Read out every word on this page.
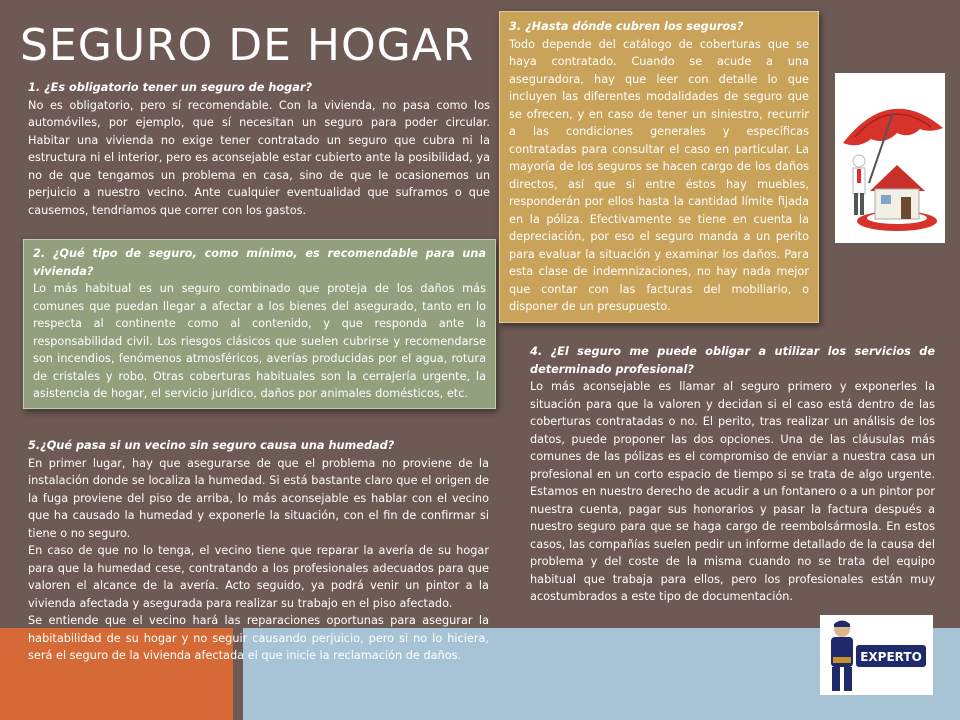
SEGURO DE HOGAR
1. ¿Es obligatorio tener un seguro de hogar?

No es obligatorio, pero sí recomendable. Con la vivienda, no pasa como los automóviles, por ejemplo, que sí necesitan un seguro para poder circular. Habitar una vivienda no exige tener contratado un seguro que cubra ni la estructura ni el interior, pero es aconsejable estar cubierto ante la posibilidad, ya no de que tengamos un problema en casa, sino de que le ocasionemos un perjuicio a nuestro vecino. Ante cualquier eventualidad que suframos o que causemos, tendríamos que correr con los gastos.

2. ¿Qué tipo de seguro, como mínimo, es recomendable para una vivienda?

Lo más habitual es un seguro combinado que proteja de los daños más comunes que puedan llegar a afectar a los bienes del asegurado, tanto en lo respecta al continente como al contenido, y que responda ante la responsabilidad civil. Los riesgos clásicos que suelen cubrirse y recomendarse son incendios, fenómenos atmosféricos, averías producidas por el agua, rotura de cristales y robo. Otras coberturas habituales son la cerrajería urgente, la asistencia de hogar, el servicio jurídico, daños por animales domésticos, etc.

3. ¿Hasta dónde cubren los seguros?

Todo depende del catálogo de coberturas que se haya contratado. Cuando se acude a una aseguradora, hay que leer con detalle lo que incluyen las diferentes modalidades de seguro que se ofrecen, y en caso de tener un siniestro, recurrir a las condiciones generales y específicas contratadas para consultar el caso en particular. La mayoría de los seguros se hacen cargo de los daños directos, así que si entre éstos hay muebles, responderán por ellos hasta la cantidad límite fijada en la póliza. Efectivamente se tiene en cuenta la depreciación, por eso el seguro manda a un perito para evaluar la situación y examinar los daños. Para esta clase de indemnizaciones, no hay nada mejor que contar con las facturas del mobiliario, o disponer de un presupuesto.

4. ¿El seguro me puede obligar a utilizar los servicios de determinado profesional?

Lo más aconsejable es llamar al seguro primero y exponerles la situación para que la valoren y decidan si el caso está dentro de las coberturas contratadas o no. El perito, tras realizar un análisis de los datos, puede proponer las dos opciones. Una de las cláusulas más comunes de las pólizas es el compromiso de enviar a nuestra casa un profesional en un corto espacio de tiempo si se trata de algo urgente. Estamos en nuestro derecho de acudir a un fontanero o a un pintor por nuestra cuenta, pagar sus honorarios y pasar la factura después a nuestro seguro para que se haga cargo de reembolsármosla. En estos casos, las compañías suelen pedir un informe detallado de la causa del problema y del coste de la misma cuando no se trata del equipo habitual que trabaja para ellos, pero los profesionales están muy acostumbrados a este tipo de documentación.

5.¿Qué pasa si un vecino sin seguro causa una humedad?

En primer lugar, hay que asegurarse de que el problema no proviene de la instalación donde se localiza la humedad. Si está bastante claro que el origen de la fuga proviene del piso de arriba, lo más aconsejable es hablar con el vecino que ha causado la humedad y exponerle la situación, con el fin de confirmar si tiene o no seguro.

En caso de que no lo tenga, el vecino tiene que reparar la avería de su hogar para que la humedad cese, contratando a los profesionales adecuados para que valoren el alcance de la avería. Acto seguido, ya podrá venir un pintor a la vivienda afectada y asegurada para realizar su trabajo en el piso afectado.

Se entiende que el vecino hará las reparaciones oportunas para asegurar la habitabilidad de su hogar y no seguir causando perjuicio, pero si no lo hiciera, será el seguro de la vivienda afectada el que inicie la reclamación de daños.	EXPERTO
